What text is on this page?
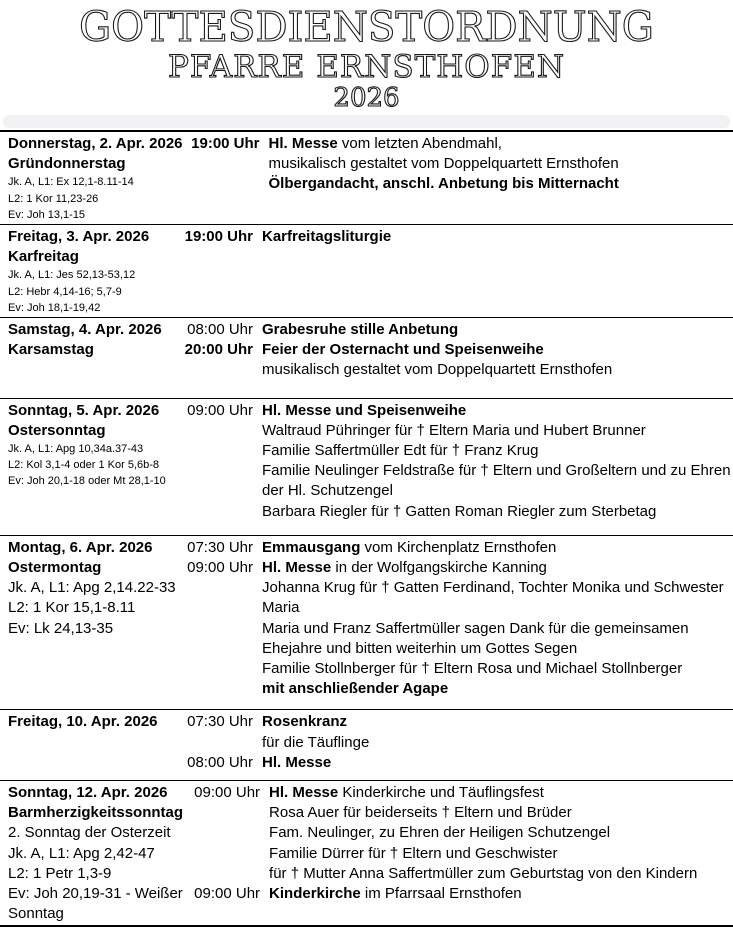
GOTTESDIENSTORDNUNG
PFARRE ERNSTHOFEN
2026
Donnerstag, 2. Apr. 2026
Gründonnerstag
Jk. A, L1: Ex 12,1-8.11-14
L2: 1 Kor 11,23-26
Ev: Joh 13,1-15
19:00 Uhr Hl. Messe vom letzten Abendmahl,
musikalisch gestaltet vom Doppelquartett Ernsthofen
Ölbergandacht, anschl. Anbetung bis Mitternacht
Freitag, 3. Apr. 2026
Karfreitag
Jk. A, L1: Jes 52,13-53,12
L2: Hebr 4,14-16; 5,7-9
Ev: Joh 18,1-19,42
19:00 Uhr Karfreitagsliturgie
Samstag, 4. Apr. 2026
Karsamstag
08:00 Uhr Grabesruhe stille Anbetung
20:00 Uhr Feier der Osternacht und Speisenweihe
musikalisch gestaltet vom Doppelquartett Ernsthofen
Sonntag, 5. Apr. 2026
Ostersonntag
Jk. A, L1: Apg 10,34a.37-43
L2: Kol 3,1-4 oder 1 Kor 5,6b-8
Ev: Joh 20,1-18 oder Mt 28,1-10
09:00 Uhr Hl. Messe und Speisenweihe
Waltraud Pühringer für † Eltern Maria und Hubert Brunner
Familie Saffertmüller Edt für † Franz Krug
Familie Neulinger Feldstraße für † Eltern und Großeltern und zu Ehren
der Hl. Schutzengel
Barbara Riegler für † Gatten Roman Riegler zum Sterbetag
Montag, 6. Apr. 2026
Ostermontag
Jk. A, L1: Apg 2,14.22-33
L2: 1 Kor 15,1-8.11
Ev: Lk 24,13-35
07:30 Uhr Emmausgang vom Kirchenplatz Ernsthofen
09:00 Uhr Hl. Messe in der Wolfgangskirche Kanning
Johanna Krug für † Gatten Ferdinand, Tochter Monika und Schwester
Maria
Maria und Franz Saffertmüller sagen Dank für die gemeinsamen
Ehejahre und bitten weiterhin um Gottes Segen
Familie Stollnberger für † Eltern Rosa und Michael Stollnberger
mit anschließender Agape
Freitag, 10. Apr. 2026	07:30 Uhr Rosenkranz
für die Täuflinge
08:00 Uhr Hl. Messe
Sonntag, 12. Apr. 2026
Barmherzigkeitssonntag
2. Sonntag der Osterzeit
Jk. A, L1: Apg 2,42-47
L2: 1 Petr 1,3-9
Ev: Joh 20,19-31 - Weißer
Sonntag
09:00 Uhr Hl. Messe Kinderkirche und Täuflingsfest
Rosa Auer für beiderseits † Eltern und Brüder
Fam. Neulinger, zu Ehren der Heiligen Schutzengel
Familie Dürrer für † Eltern und Geschwister
für † Mutter Anna Saffertmüller zum Geburtstag von den Kindern
09:00 Uhr Kinderkirche im Pfarrsaal Ernsthofen
